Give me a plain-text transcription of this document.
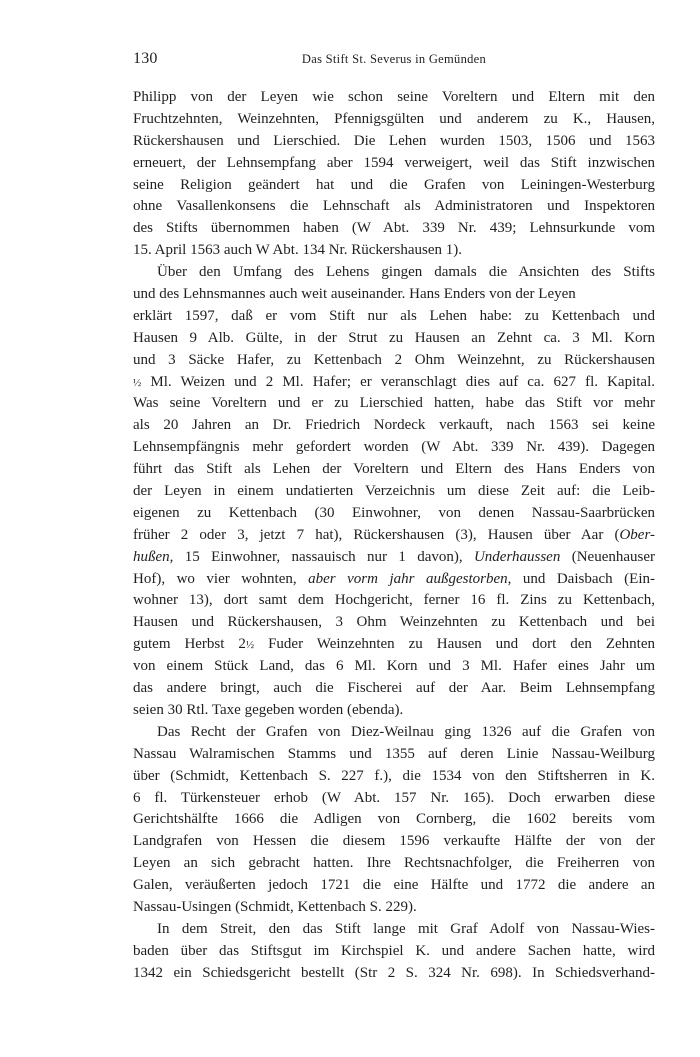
130	Das Stift St. Severus in Gemünden
Philipp von der Leyen wie schon seine Voreltern und Eltern mit den
Fruchtzehnten, Weinzehnten, Pfennigsgülten und anderem zu K., Hausen,
Rückershausen und Lierschied. Die Lehen wurden 1503, 1506 und 1563
erneuert, der Lehnsempfang aber 1594 verweigert, weil das Stift inzwischen
seine Religion geändert hat und die Grafen von Leiningen-Westerburg
ohne Vasallenkonsens die Lehnschaft als Administratoren und Inspektoren
des Stifts übernommen haben (W Abt. 339 Nr. 439; Lehnsurkunde vom
15. April 1563 auch W Abt. 134 Nr. Rückershausen 1).
Über den Umfang des Lehens gingen damals die Ansichten des Stifts
und des Lehnsmannes auch weit auseinander. Hans Enders von der Leyen
erklärt 1597, daß er vom Stift nur als Lehen habe: zu Kettenbach und
Hausen 9 Alb. Gülte, in der Strut zu Hausen an Zehnt ca. 3 Ml. Korn
und 3 Säcke Hafer, zu Kettenbach 2 Ohm Weinzehnt, zu Rückershausen
½ Ml. Weizen und 2 Ml. Hafer; er veranschlagt dies auf ca. 627 fl. Kapital.
Was seine Voreltern und er zu Lierschied hatten, habe das Stift vor mehr
als 20 Jahren an Dr. Friedrich Nordeck verkauft, nach 1563 sei keine
Lehnsempfängnis mehr gefordert worden (W Abt. 339 Nr. 439). Dagegen
führt das Stift als Lehen der Voreltern und Eltern des Hans Enders von
der Leyen in einem undatierten Verzeichnis um diese Zeit auf: die Leib-
eigenen zu Kettenbach (30 Einwohner, von denen Nassau-Saarbrücken
früher 2 oder 3, jetzt 7 hat), Rückershausen (3), Hausen über Aar (Ober-
hußen, 15 Einwohner, nassauisch nur 1 davon), Underhaussen (Neuenhauser
Hof), wo vier wohnten, aber vorm jahr außgestorben, und Daisbach (Ein-
wohner 13), dort samt dem Hochgericht, ferner 16 fl. Zins zu Kettenbach,
Hausen und Rückershausen, 3 Ohm Weinzehnten zu Kettenbach und bei
gutem Herbst 2½ Fuder Weinzehnten zu Hausen und dort den Zehnten
von einem Stück Land, das 6 Ml. Korn und 3 Ml. Hafer eines Jahr um
das andere bringt, auch die Fischerei auf der Aar. Beim Lehnsempfang
seien 30 Rtl. Taxe gegeben worden (ebenda).
Das Recht der Grafen von Diez-Weilnau ging 1326 auf die Grafen von
Nassau Walramischen Stamms und 1355 auf deren Linie Nassau-Weilburg
über (Schmidt, Kettenbach S. 227 f.), die 1534 von den Stiftsherren in K.
6 fl. Türkensteuer erhob (W Abt. 157 Nr. 165). Doch erwarben diese
Gerichtshälfte 1666 die Adligen von Cornberg, die 1602 bereits vom
Landgrafen von Hessen die diesem 1596 verkaufte Hälfte der von der
Leyen an sich gebracht hatten. Ihre Rechtsnachfolger, die Freiherren von
Galen, veräußerten jedoch 1721 die eine Hälfte und 1772 die andere an
Nassau-Usingen (Schmidt, Kettenbach S. 229).
In dem Streit, den das Stift lange mit Graf Adolf von Nassau-Wies-
baden über das Stiftsgut im Kirchspiel K. und andere Sachen hatte, wird
1342 ein Schiedsgericht bestellt (Str 2 S. 324 Nr. 698). In Schiedsverhand-
